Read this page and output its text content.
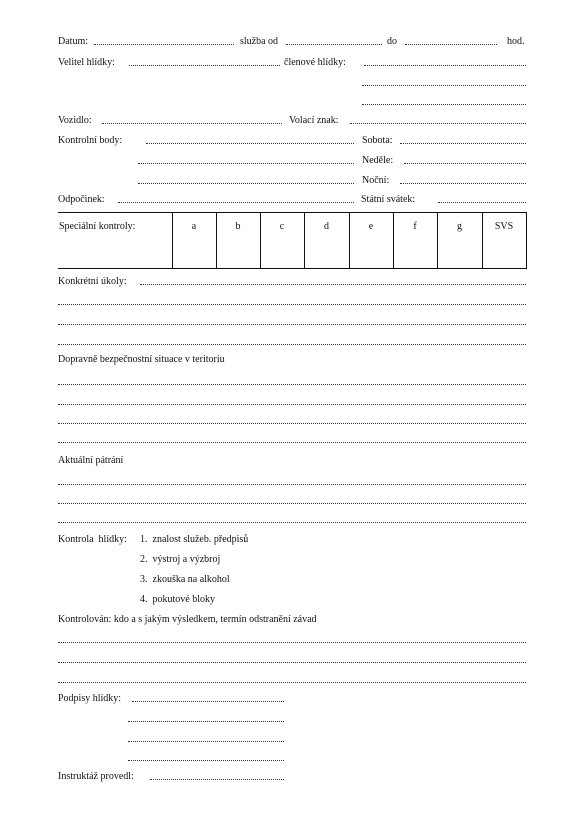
Datum:	služba od	do	hod.
Velitel hlídky:	členové hlídky:
Vozidlo:	Volací znak:
Kontrolní body:	Sobota:
Neděle:
Noční:
Odpočinek:	Státní svátek:
Speciální kontroly:	a	b	c	d	e	f	g	SVS
Konkrétní úkoly:
Dopravně bezpečnostní situace v teritoriu
Aktuální pátrání
Kontrola  hlídky: 1.  znalost služeb. předpisů
2.  výstroj a výzbroj
3.  zkouška na alkohol
4.  pokutové bloky
Kontrolován: kdo a s jakým výsledkem, termín odstranění závad
Podpisy hlídky:
Instruktáž provedl:
